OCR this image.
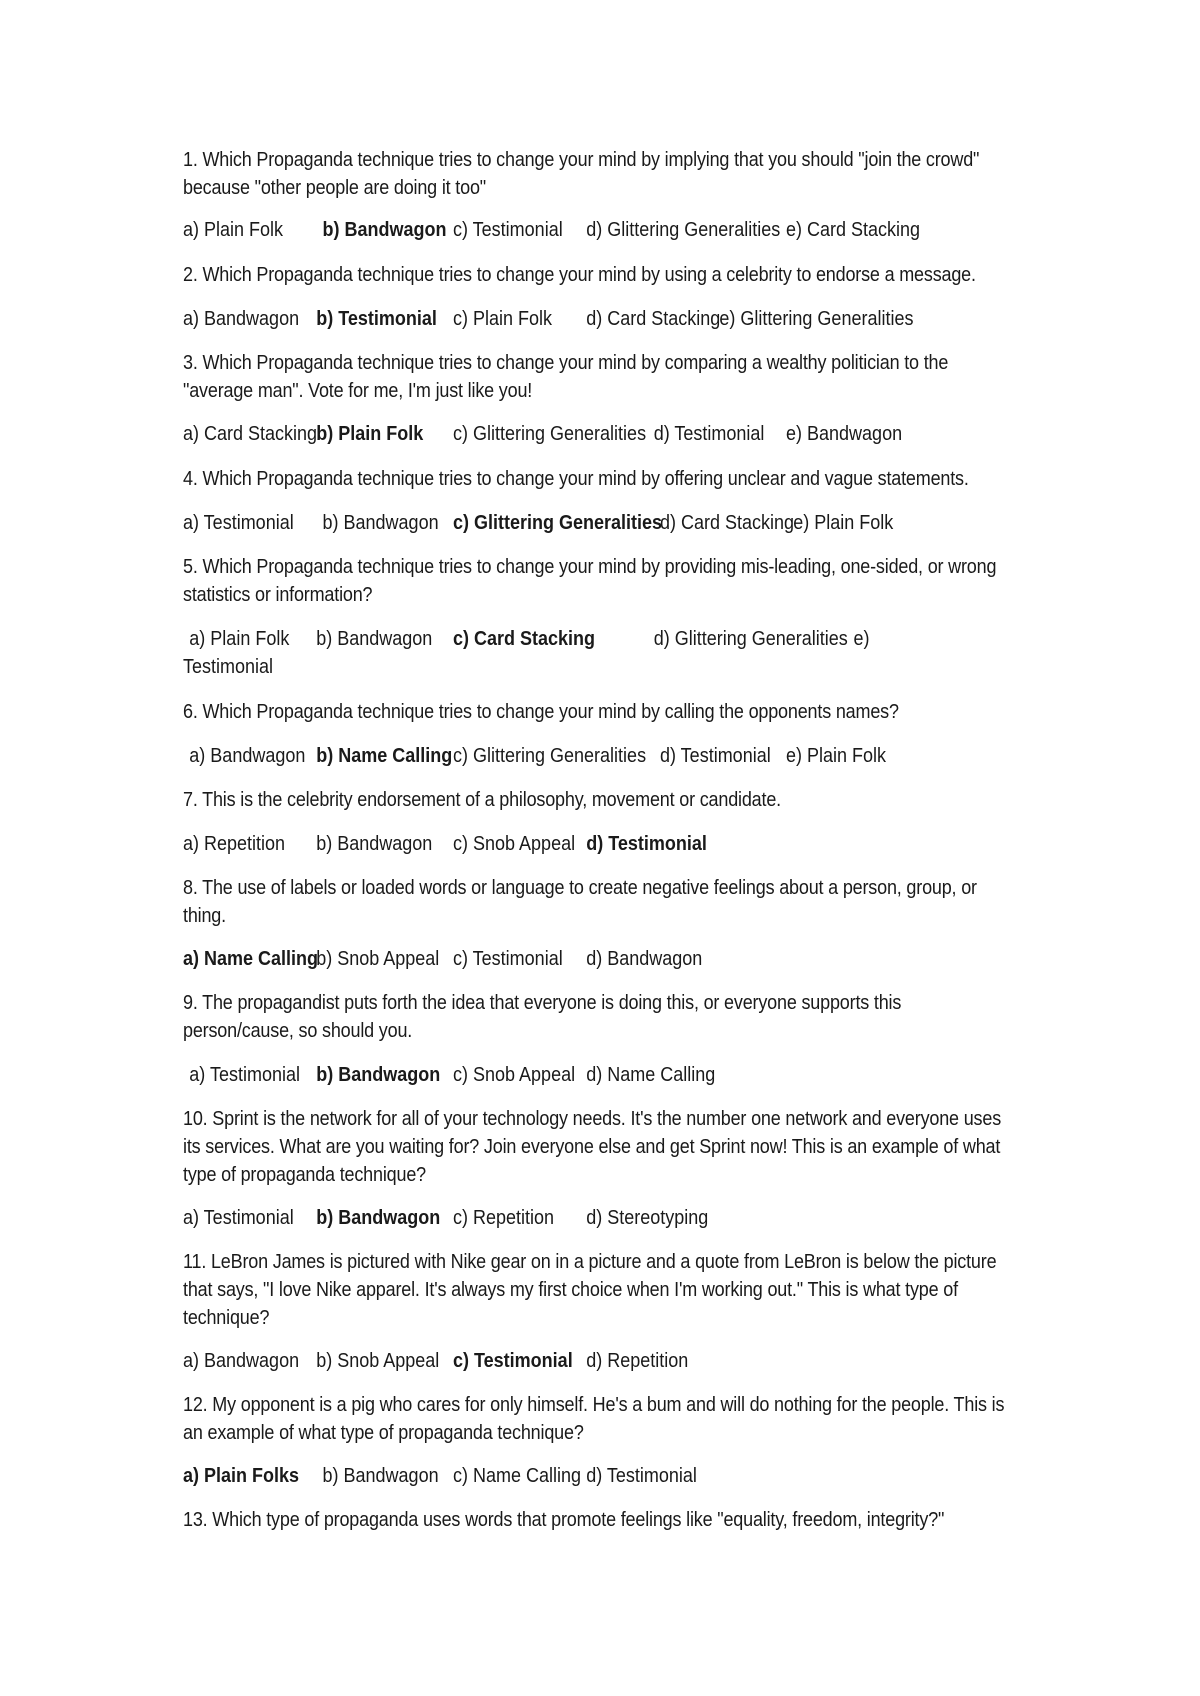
1. Which Propaganda technique tries to change your mind by implying that you should "join the crowd" because "other people are doing it too"
a) Plain Folk b) Bandwagon c) Testimonial d) Glittering Generalities e) Card Stacking
2. Which Propaganda technique tries to change your mind by using a celebrity to endorse a message.
a) Bandwagon b) Testimonial c) Plain Folk d) Card Stacking e) Glittering Generalities
3. Which Propaganda technique tries to change your mind by comparing a wealthy politician to the "average man". Vote for me, I'm just like you!
a) Card Stacking b) Plain Folk c) Glittering Generalities d) Testimonial e) Bandwagon
4. Which Propaganda technique tries to change your mind by offering unclear and vague statements.
a) Testimonial b) Bandwagon c) Glittering Generalities
d) Card Stacking e) Plain Folk
5. Which Propaganda technique tries to change your mind by providing mis-leading, one-sided, or wrong statistics or information?
a) Plain Folk b) Bandwagon c) Card Stacking	d) Glittering Generalities e)
Testimonial
6. Which Propaganda technique tries to change your mind by calling the opponents names?
a) Bandwagon b) Name Calling c) Glittering Generalities d) Testimonial e) Plain Folk
7. This is the celebrity endorsement of a philosophy, movement or candidate.
a) Repetition b) Bandwagon c) Snob Appeal d) Testimonial
8. The use of labels or loaded words or language to create negative feelings about a person, group, or thing.
a) Name Calling
b) Snob Appeal c) Testimonial d) Bandwagon
9. The propagandist puts forth the idea that everyone is doing this, or everyone supports this person/cause, so should you.
a) Testimonial b) Bandwagon c) Snob Appeal d) Name Calling
10. Sprint is the network for all of your technology needs. It's the number one network and everyone uses its services. What are you waiting for? Join everyone else and get Sprint now! This is an example of what type of propaganda technique?
a) Testimonial b) Bandwagon c) Repetition d) Stereotyping
11. LeBron James is pictured with Nike gear on in a picture and a quote from LeBron is below the picture that says, "I love Nike apparel. It's always my first choice when I'm working out." This is what type of technique?
a) Bandwagon b) Snob Appeal c) Testimonial d) Repetition
12. My opponent is a pig who cares for only himself. He's a bum and will do nothing for the people. This is an example of what type of propaganda technique?
a) Plain Folks b) Bandwagon c) Name Calling d) Testimonial
13. Which type of propaganda uses words that promote feelings like "equality, freedom, integrity?"
